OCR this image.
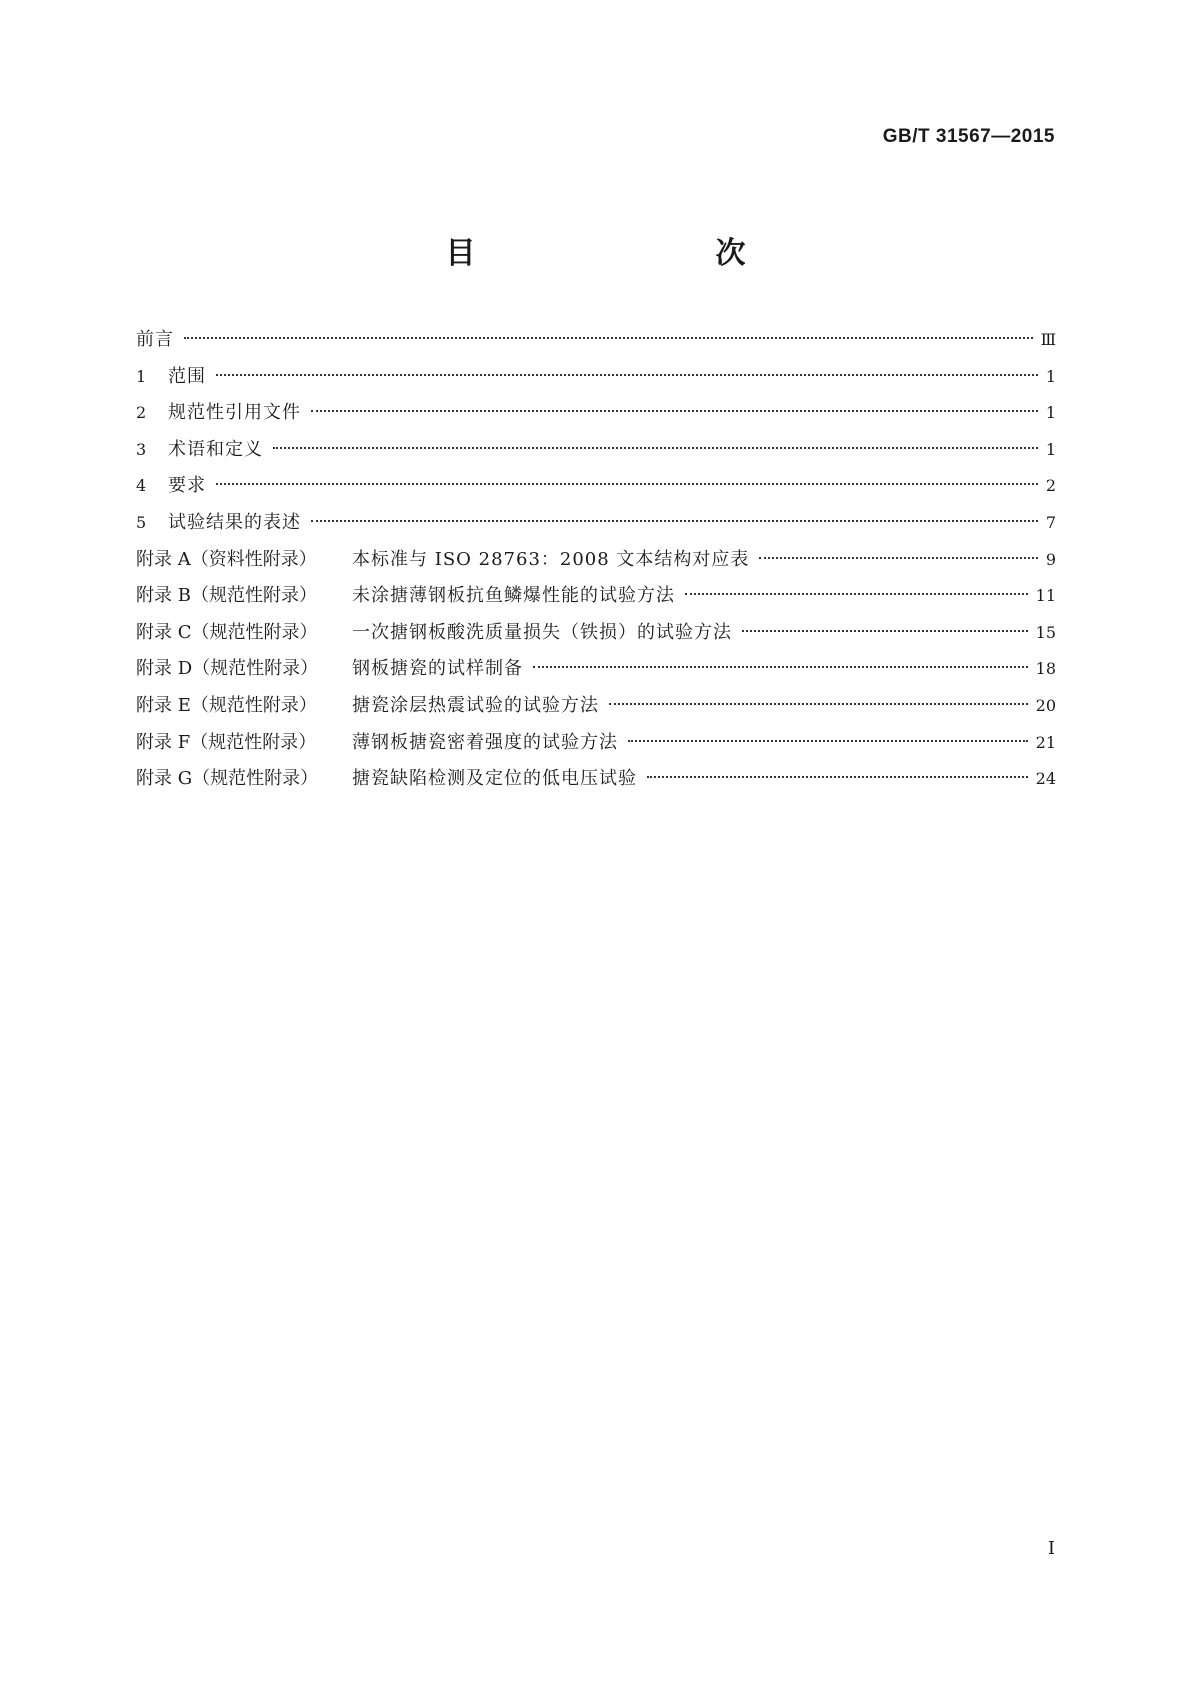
GB/T 31567—2015
目　　次
前言	Ⅲ
1	范围	1
2	规范性引用文件	1
3	术语和定义	1
4	要求	2
5	试验结果的表述	7
附录 A（资料性附录）	本标准与 ISO 28763：2008 文本结构对应表	9
附录 B（规范性附录）	未涂搪薄钢板抗鱼鳞爆性能的试验方法	11
附录 C（规范性附录）	一次搪钢板酸洗质量损失（铁损）的试验方法	15
附录 D（规范性附录）	钢板搪瓷的试样制备	18
附录 E（规范性附录）	搪瓷涂层热震试验的试验方法	20
附录 F（规范性附录）	薄钢板搪瓷密着强度的试验方法	21
附录 G（规范性附录）	搪瓷缺陷检测及定位的低电压试验	24
Ⅰ
